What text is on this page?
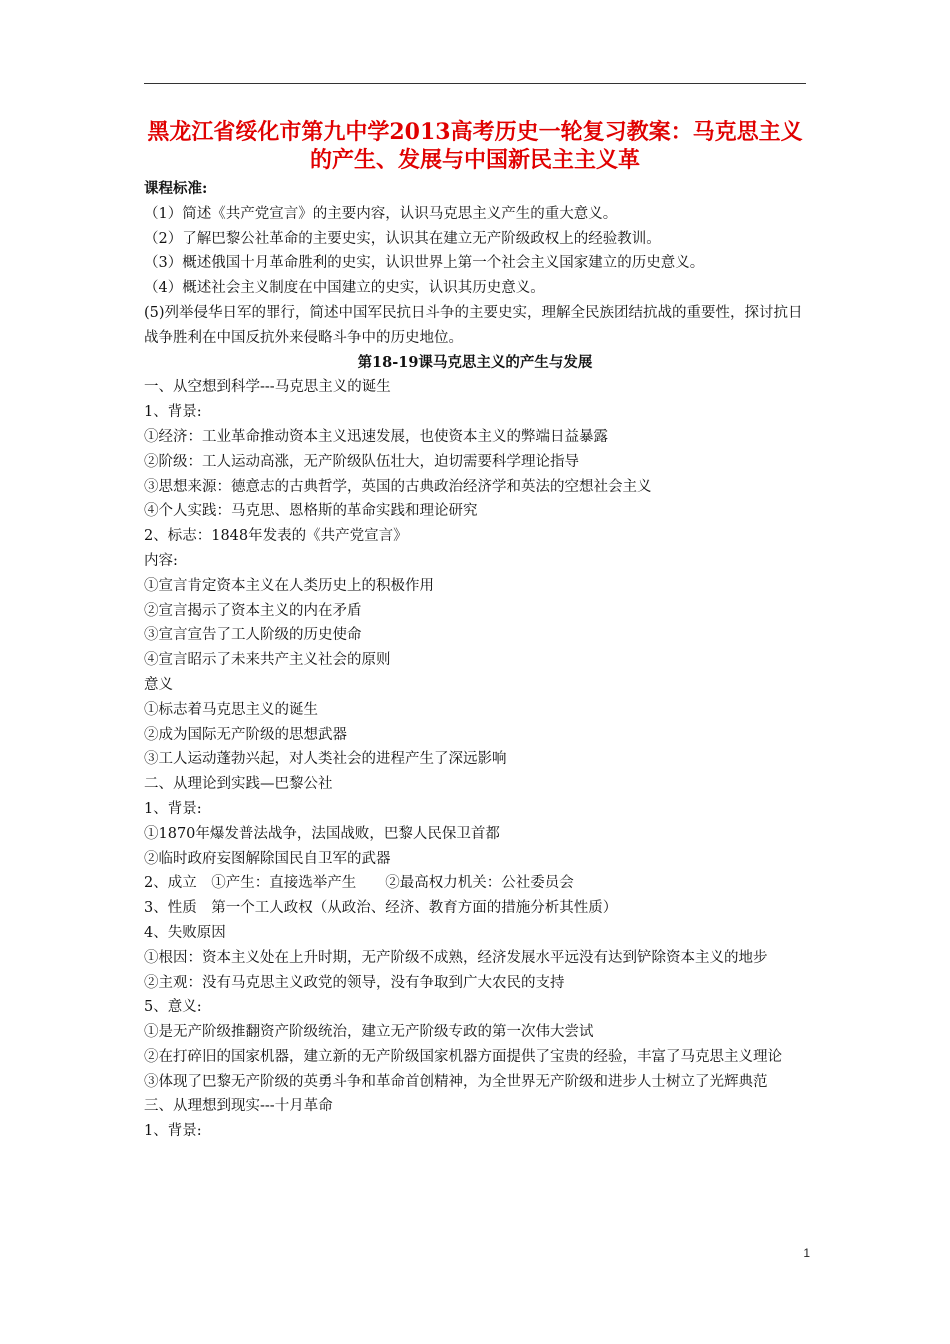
黑龙江省绥化市第九中学2013高考历史一轮复习教案：马克思主义的产生、发展与中国新民主主义革
课程标准:
（1）简述《共产党宣言》的主要内容，认识马克思主义产生的重大意义。
（2）了解巴黎公社革命的主要史实，认识其在建立无产阶级政权上的经验教训。
（3）概述俄国十月革命胜利的史实，认识世界上第一个社会主义国家建立的历史意义。
（4）概述社会主义制度在中国建立的史实，认识其历史意义。
(5)列举侵华日军的罪行，简述中国军民抗日斗争的主要史实，理解全民族团结抗战的重要性，探讨抗日战争胜利在中国反抗外来侵略斗争中的历史地位。
第18-19课马克思主义的产生与发展
一、从空想到科学---马克思主义的诞生
1、背景:
①经济：工业革命推动资本主义迅速发展，也使资本主义的弊端日益暴露
②阶级：工人运动高涨，无产阶级队伍壮大，迫切需要科学理论指导
③思想来源：德意志的古典哲学，英国的古典政治经济学和英法的空想社会主义
④个人实践：马克思、恩格斯的革命实践和理论研究
2、标志：1848年发表的《共产党宣言》
内容:
①宣言肯定资本主义在人类历史上的积极作用
②宣言揭示了资本主义的内在矛盾
③宣言宣告了工人阶级的历史使命
④宣言昭示了未来共产主义社会的原则
意义
①标志着马克思主义的诞生
②成为国际无产阶级的思想武器
③工人运动蓬勃兴起，对人类社会的进程产生了深远影响
二、从理论到实践—巴黎公社
1、背景:
①1870年爆发普法战争，法国战败，巴黎人民保卫首都
②临时政府妄图解除国民自卫军的武器
2、成立　①产生：直接选举产生　　②最高权力机关：公社委员会
3、性质　第一个工人政权（从政治、经济、教育方面的措施分析其性质）
4、失败原因
①根因：资本主义处在上升时期，无产阶级不成熟，经济发展水平远没有达到铲除资本主义的地步
②主观：没有马克思主义政党的领导，没有争取到广大农民的支持
5、意义:
①是无产阶级推翻资产阶级统治，建立无产阶级专政的第一次伟大尝试
②在打碎旧的国家机器，建立新的无产阶级国家机器方面提供了宝贵的经验，丰富了马克思主义理论
③体现了巴黎无产阶级的英勇斗争和革命首创精神，为全世界无产阶级和进步人士树立了光辉典范
三、从理想到现实---十月革命
1、背景:
1
